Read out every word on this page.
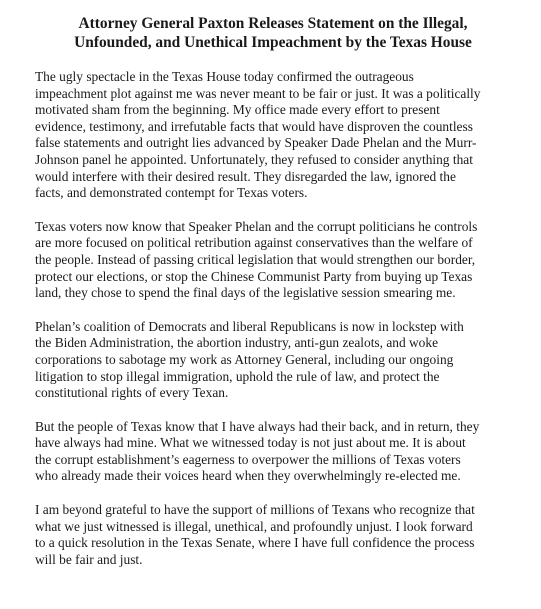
Attorney General Paxton Releases Statement on the Illegal,
Unfounded, and Unethical Impeachment by the Texas House

The ugly spectacle in the Texas House today confirmed the outrageous
impeachment plot against me was never meant to be fair or just. It was a politically
motivated sham from the beginning. My office made every effort to present
evidence, testimony, and irrefutable facts that would have disproven the countless
false statements and outright lies advanced by Speaker Dade Phelan and the Murr-
Johnson panel he appointed. Unfortunately, they refused to consider anything that
would interfere with their desired result. They disregarded the law, ignored the
facts, and demonstrated contempt for Texas voters.

Texas voters now know that Speaker Phelan and the corrupt politicians he controls
are more focused on political retribution against conservatives than the welfare of
the people. Instead of passing critical legislation that would strengthen our border,
protect our elections, or stop the Chinese Communist Party from buying up Texas
land, they chose to spend the final days of the legislative session smearing me.

Phelan’s coalition of Democrats and liberal Republicans is now in lockstep with
the Biden Administration, the abortion industry, anti-gun zealots, and woke
corporations to sabotage my work as Attorney General, including our ongoing
litigation to stop illegal immigration, uphold the rule of law, and protect the
constitutional rights of every Texan.

But the people of Texas know that I have always had their back, and in return, they
have always had mine. What we witnessed today is not just about me. It is about
the corrupt establishment’s eagerness to overpower the millions of Texas voters
who already made their voices heard when they overwhelmingly re-elected me.

I am beyond grateful to have the support of millions of Texans who recognize that
what we just witnessed is illegal, unethical, and profoundly unjust. I look forward
to a quick resolution in the Texas Senate, where I have full confidence the process
will be fair and just.
